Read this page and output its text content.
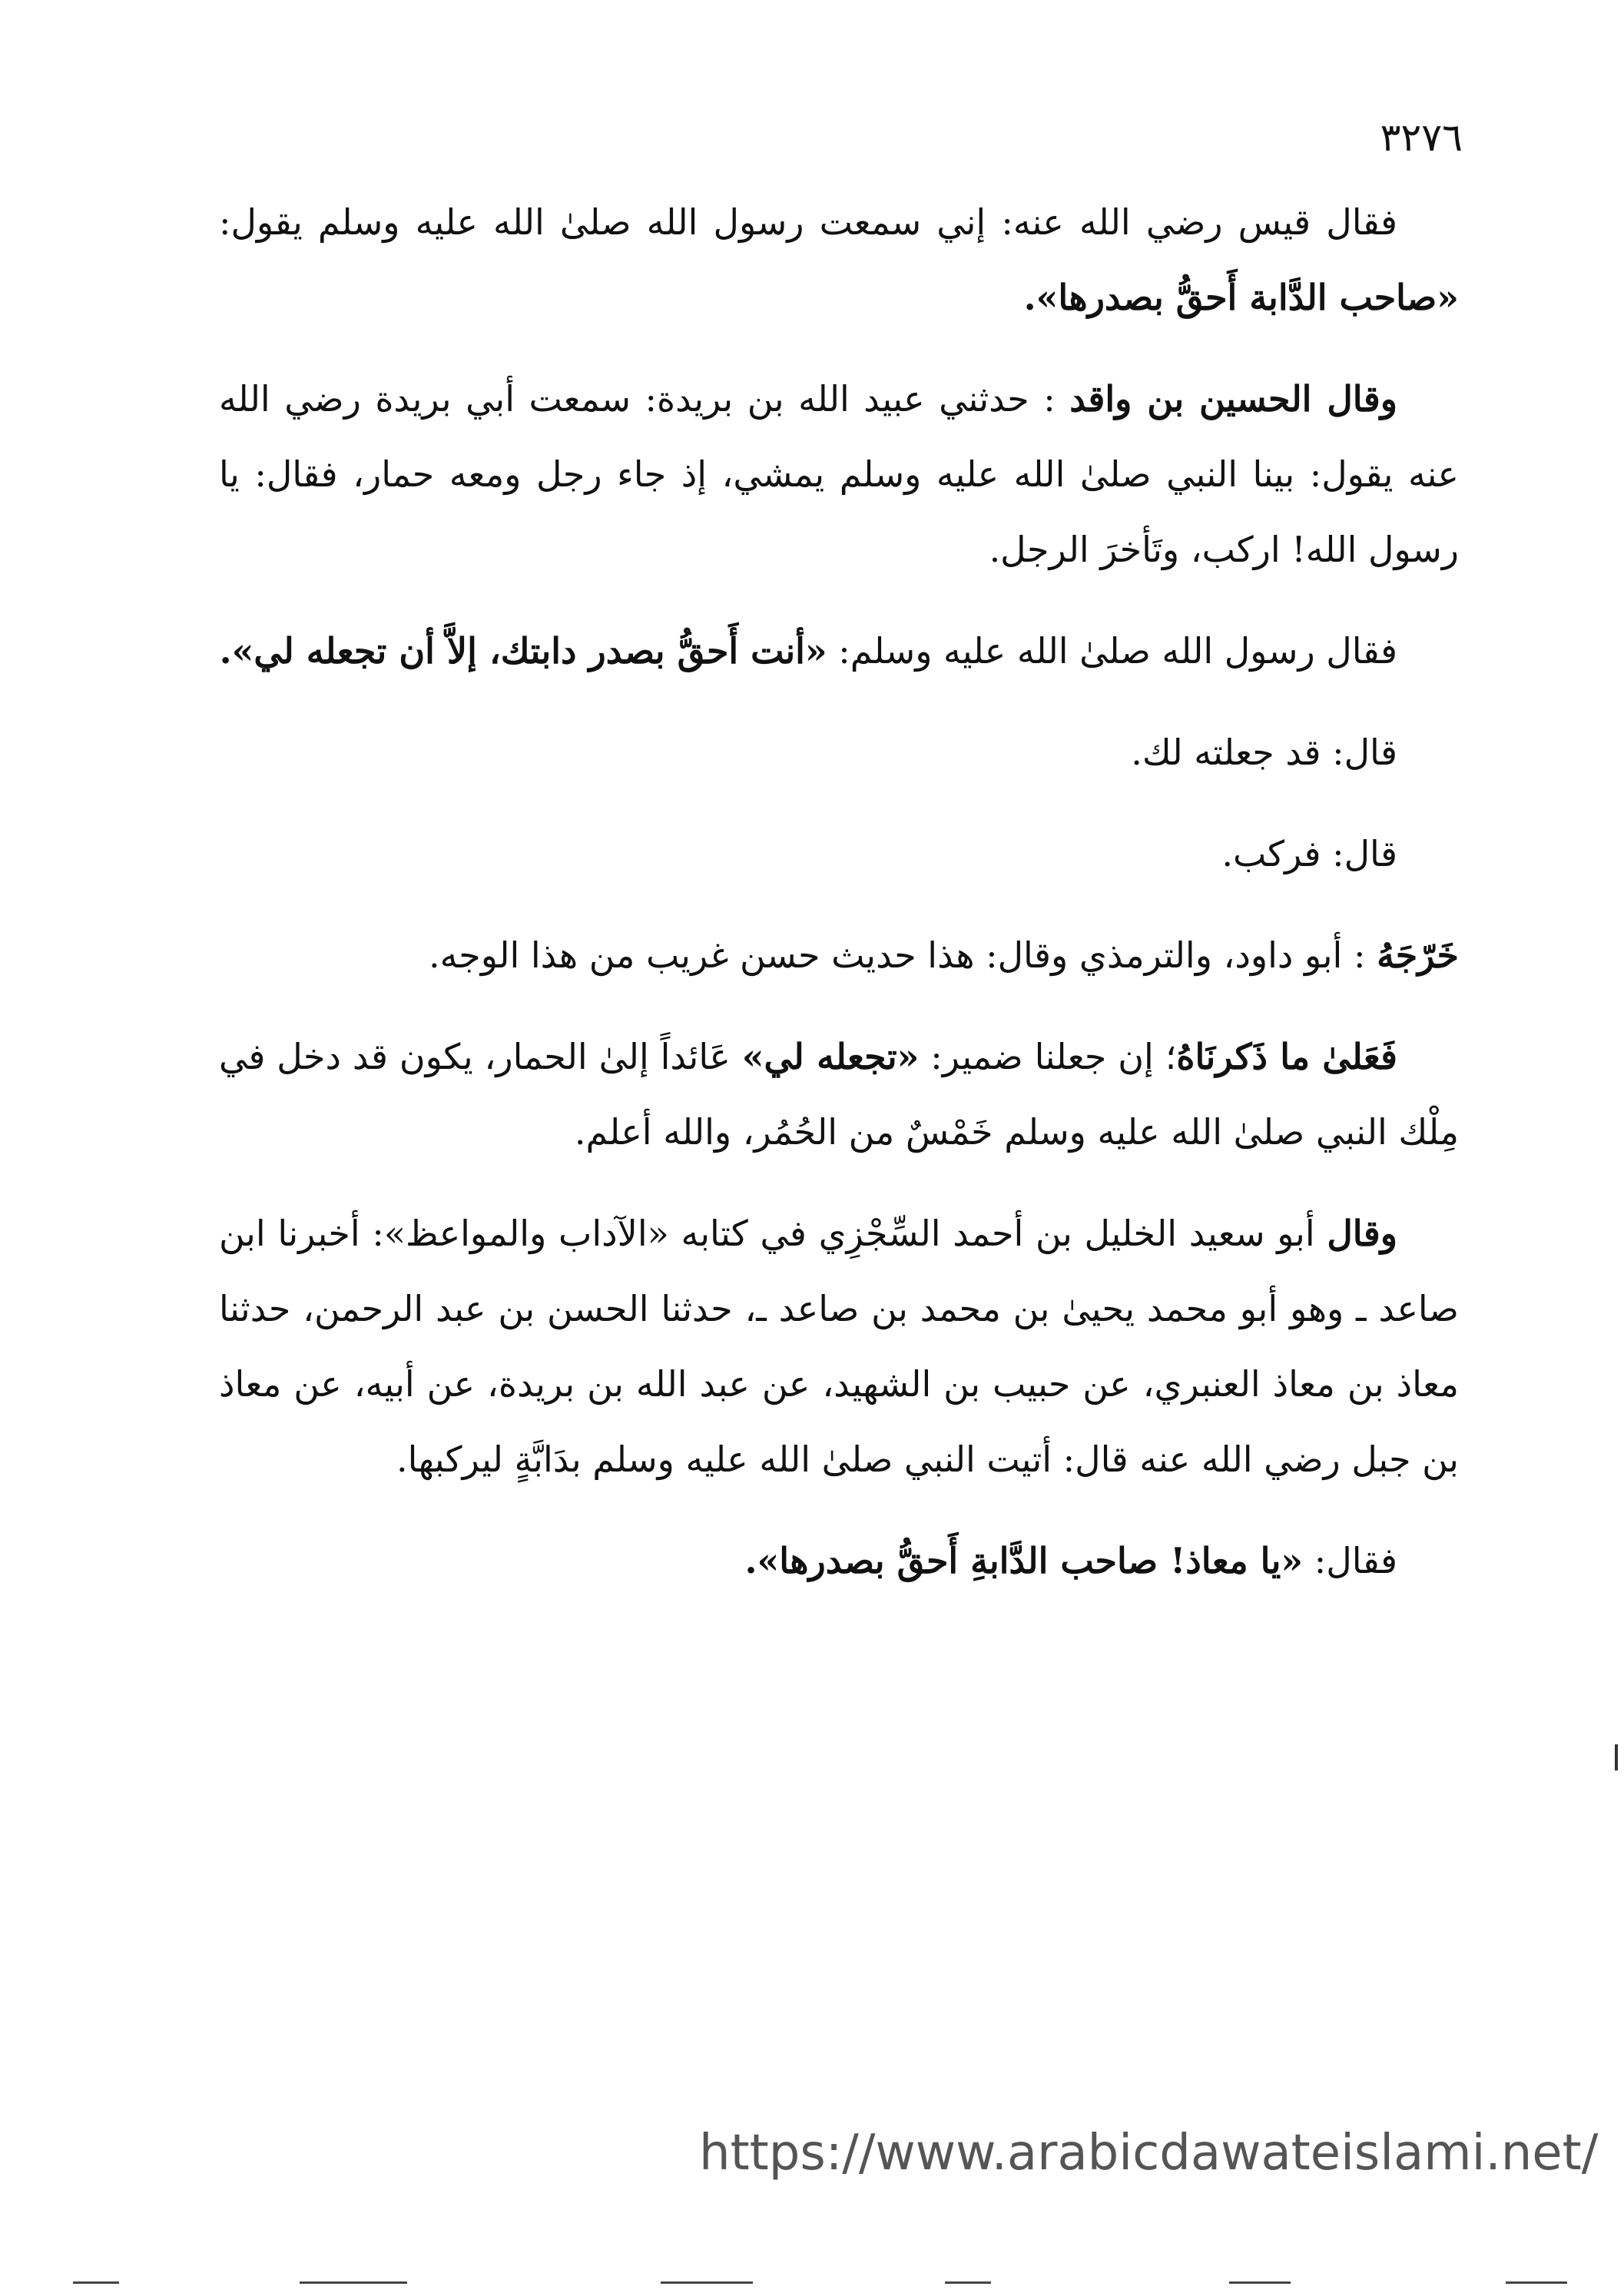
٣٢٧٦

فقال قيس رضي الله عنه: إني سمعت رسول الله صلىٰ الله عليه وسلم يقول: «صاحب الدَّابة أَحقُّ بصدرها».

وقال الحسين بن واقد : حدثني عبيد الله بن بريدة: سمعت أبي بريدة رضي الله عنه يقول: بينا النبي صلىٰ الله عليه وسلم يمشي، إذ جاء رجل ومعه حمار، فقال: يا رسول الله! اركب، وتَأخرَ الرجل.

فقال رسول الله صلىٰ الله عليه وسلم: «أنت أَحقُّ بصدر دابتك، إلاَّ أن تجعله لي».

قال: قد جعلته لك.

قال: فركب.

خَرّجَهُ : أبو داود، والترمذي وقال: هذا حديث حسن غريب من هذا الوجه.

فَعَلىٰ ما ذَكرنَاهُ؛ إن جعلنا ضمير: «تجعله لي» عَائداً إلىٰ الحمار، يكون قد دخل في مِلْك النبي صلىٰ الله عليه وسلم خَمْسٌ من الحُمُر، والله أعلم.

وقال أبو سعيد الخليل بن أحمد السِّجْزِي في كتابه «الآداب والمواعظ»: أخبرنا ابن صاعد ـ وهو أبو محمد يحيىٰ بن محمد بن صاعد ـ، حدثنا الحسن بن عبد الرحمن، حدثنا معاذ بن معاذ العنبري، عن حبيب بن الشهيد، عن عبد الله بن بريدة، عن أبيه، عن معاذ بن جبل رضي الله عنه قال: أتيت النبي صلىٰ الله عليه وسلم بدَابَّةٍ ليركبها.

فقال: «يا معاذ! صاحب الدَّابةِ أَحقُّ بصدرها».

https://www.arabicdawateislami.net/
